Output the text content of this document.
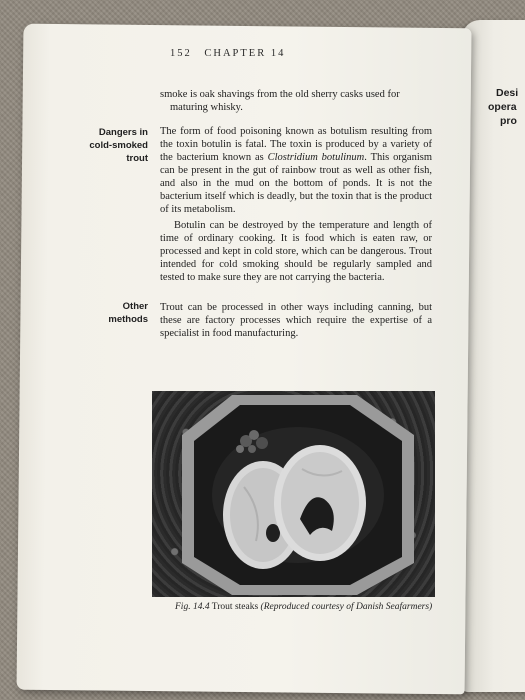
Desi
opera
pro
152 CHAPTER 14
smoke is oak shavings from the old sherry casks used for
maturing whisky.
Dangers in
cold-smoked
trout
The form of food poisoning known as botulism resulting from the toxin botulin is fatal. The toxin is produced by a variety of the bacterium known as Clostridium botulinum. This organism can be present in the gut of rainbow trout as well as other fish, and also in the mud on the bottom of ponds. It is not the bacterium itself which is deadly, but the toxin that is the product of its metabolism.
Botulin can be destroyed by the temperature and length of time of ordinary cooking. It is food which is eaten raw, or processed and kept in cold store, which can be dangerous. Trout intended for cold smoking should be regularly sampled and tested to make sure they are not carrying the bacteria.
Other
methods
Trout can be processed in other ways including canning, but these are factory processes which require the expertise of a specialist in food manufacturing.
Fig. 14.4 Trout steaks (Reproduced courtesy of Danish Seafarmers)
